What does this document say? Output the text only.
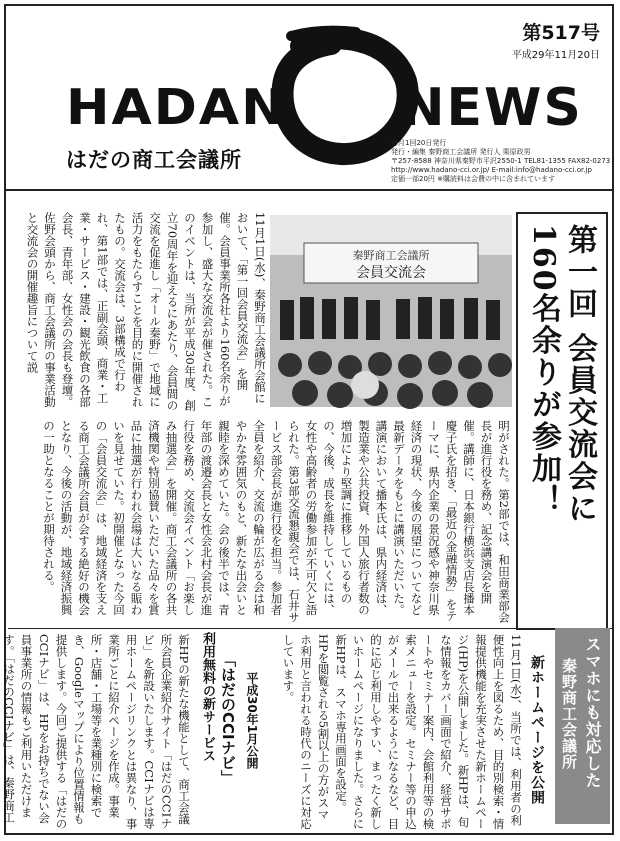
第517号
平成29年11月20日
HADAN NEWS
はだの商工会議所
毎月1回20日発行
発行・編集 秦野商工会議所 発行人 栗原政男
〒257-8588 神奈川県秦野市平沢2550-1 TEL81-1355 FAX82-0273
http://www.hadano-cci.or.jp/ E-mail:info@hadano-cci.or.jp
定価一部20円 ※購読料は会費の中に含まれています
第一回 会員交流会に
160名余りが参加！
秦野商工会議所
会員交流会
11月1日(水)、秦野商工会議所会館において、「第一回会員交流会」を開催。会員事業所各社より160名余りが参加し、盛大な交流会が催された。このイベントは、当所が平成30年度、創立70周年を迎えるにあたり、会員間の交流を促進し「オール秦野」で地域に活力をもたらすことを目的に開催されたもの。交流会は、3部構成で行われ、第1部では、正副会頭、商業・工業・サービス・建設・観光飲食の各部会長、青年部、女性会の会長も登壇。佐野会頭から、商工会議所の事業活動と交流会の開催趣旨について説
明がされた。第2部では、和田商業部会長が進行役を務め、記念講演会を開催。講師に、日本銀行横浜支店長播本慶子氏を招き、「最近の金融情勢」をテーマに、県内企業の景況感や神奈川県経済の現状、今後の展望についてなど最新データをもとに講演いただいた。講演において播本氏は、県内経済は、製造業や公共投資、外国人旅行者数の増加により堅調に推移しているものの、今後、成長を維持していくには、女性や高齢者の労働参加が不可欠と語られた。第3部交流懇親会では、石井サービス部会長が進行役を担当。参加者全員を紹介、交流の輪が広がる会は和やかな雰囲気のもと、新たな出会いと親睦を深めていた。会の後半では、青年部の渡邉会長と女性会北村会長が進行役を務め、交流会イベント「お楽しみ抽選会」を開催。商工会議所の各共済機関や特別協賛いただいた品々を賞品に抽選が行われ会場は大いなる賑わいを見せていた。初開催となった今回の「会員交流会」は、地域経済を支える商工会議所会員が会する絶好の機会となり、今後の活動が、地域経済振興の一助となることが期待される。
利用無料の新サービス 「はだのCCIナビ」 平成30年1月公開
新HPの新たな機能として、商工会議所会員企業紹介サイト「はだのCCIナビ」を新設いたします。CCIナビは専用ホームページリンクとは異なり、事業所ごとに紹介ページを作成。事業所・店舗・工場等を業種別に検索でき、Googleマップにより位置情報も提供します。今回ご提供する「はだのCCIナビ」は、HPをお持ちでない会員事業所の情報もご利用いただけます。「はだのCCIナビ」は、秦野商工
スマホにも対応した
秦野商工会議所
新ホームページを公開
11月1日(水)、当所では、利用者の利便性向上を図るため、目的別検索・情報提供機能を充実させた新ホームページ(HP)を公開しました。新HPは、旬な情報をカバー画面で紹介、経営サポートやセミナー案内、会館利用等の検索メニューを設定。セミナー等の申込がメールで出来るようになるなど、目的に応じ利用しやすい、まったく新しいホームページになりました。さらに新HPは、スマホ専用画面を設定。HPを閲覧される5割以上の方がスマホ利用と言われる時代のニーズに対応しています。
